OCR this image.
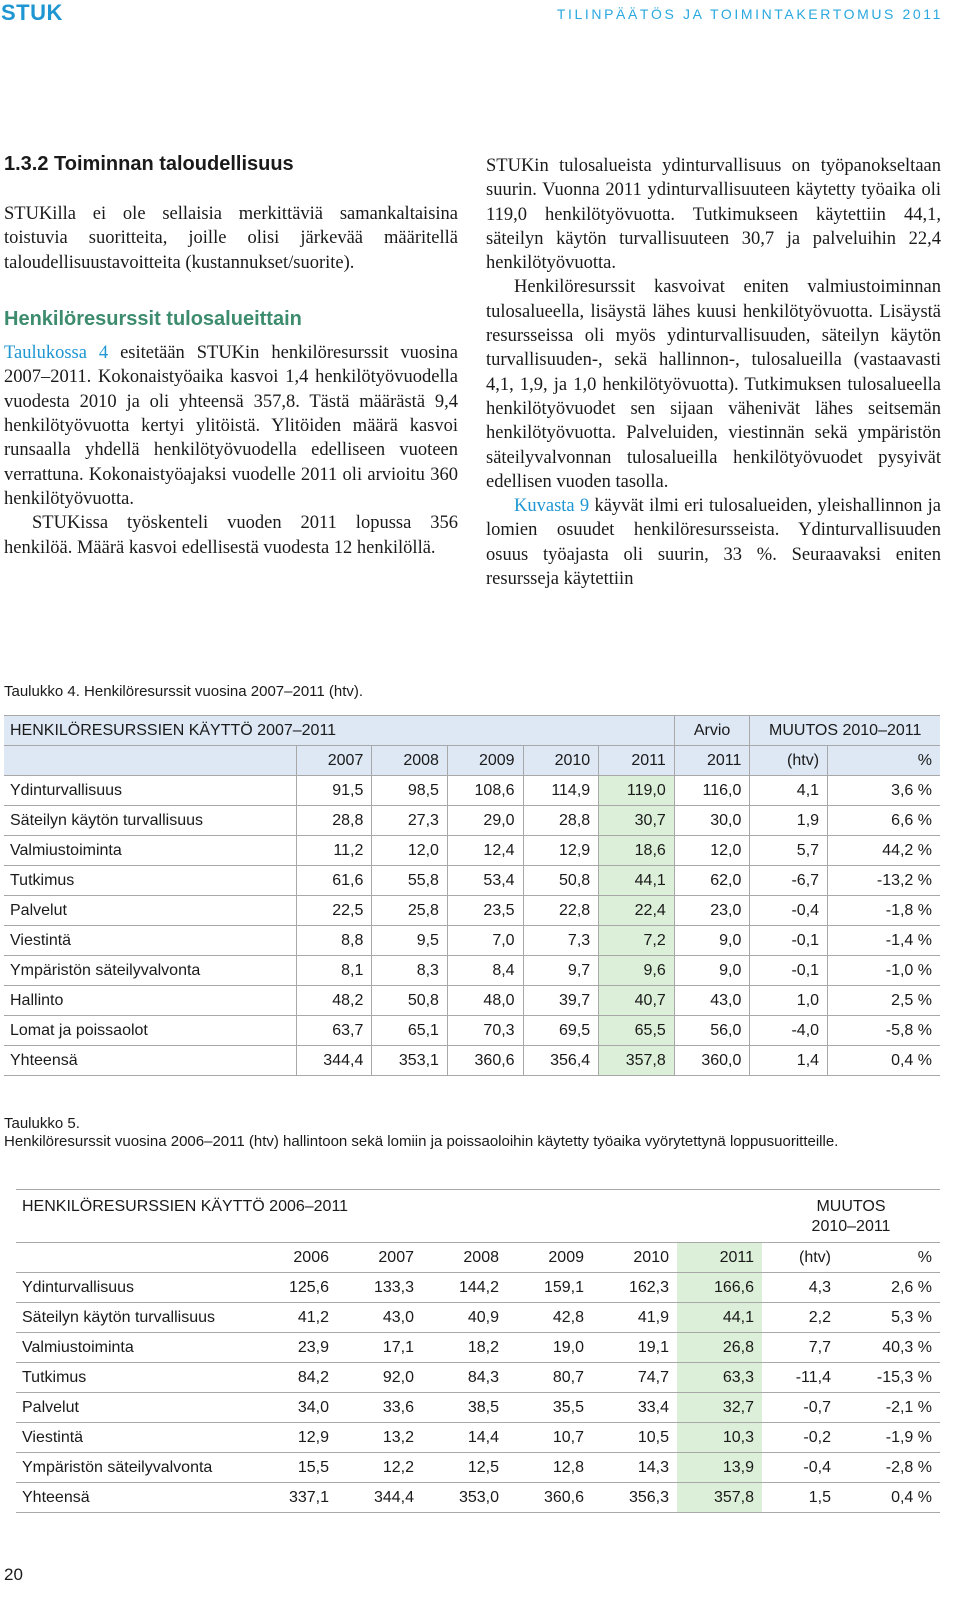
STUK	TILINPÄÄTÖS JA TOIMINTAKERTOMUS 2011
1.3.2 Toiminnan taloudellisuus

STUKilla ei ole sellaisia merkittäviä samankaltaisina toistuvia suoritteita, joille olisi järkevää määritellä taloudellisuustavoitteita (kustannukset/suorite).

Henkilöresurssit tulosalueittain

Taulukossa 4 esitetään STUKin henkilöresurssit vuosina 2007–2011. Kokonaistyöaika kasvoi 1,4 henkilötyövuodella vuodesta 2010 ja oli yhteensä 357,8. Tästä määrästä 9,4 henkilötyövuotta kertyi ylitöistä. Ylitöiden määrä kasvoi runsaalla yhdellä henkilötyövuodella edelliseen vuoteen verrattuna. Kokonaistyöajaksi vuodelle 2011 oli arvioitu 360 henkilötyövuotta.

STUKissa työskenteli vuoden 2011 lopussa 356 henkilöä. Määrä kasvoi edellisestä vuodesta 12 henkilöllä.

STUKin tulosalueista ydinturvallisuus on työpanokseltaan suurin. Vuonna 2011 ydinturvallisuuteen käytetty työaika oli 119,0 henkilötyövuotta. Tutkimukseen käytettiin 44,1, säteilyn käytön turvallisuuteen 30,7 ja palveluihin 22,4 henkilötyövuotta.

Henkilöresurssit kasvoivat eniten valmiustoiminnan tulosalueella, lisäystä lähes kuusi henkilötyövuotta. Lisäystä resursseissa oli myös ydinturvallisuuden, säteilyn käytön turvallisuuden-, sekä hallinnon-, tulosalueilla (vastaavasti 4,1, 1,9, ja 1,0 henkilötyövuotta). Tutkimuksen tulosalueella henkilötyövuodet sen sijaan vähenivät lähes seitsemän henkilötyövuotta. Palveluiden, viestinnän sekä ympäristön säteilyvalvonnan tulosalueilla henkilötyövuodet pysyivät edellisen vuoden tasolla.

Kuvasta 9 käyvät ilmi eri tulosalueiden, yleishallinnon ja lomien osuudet henkilöresursseista. Ydinturvallisuuden osuus työajasta oli suurin, 33 %. Seuraavaksi eniten resursseja käytettiin

Taulukko 4. Henkilöresurssit vuosina 2007–2011 (htv).
HENKILÖRESURSSIEN KÄYTTÖ 2007–2011						Arvio	MUUTOS 2010–2011	
	2007	2008	2009	2010	2011	2011	(htv)	%
Ydinturvallisuus	91,5	98,5	108,6	114,9	119,0	116,0	4,1	3,6 %
Säteilyn käytön turvallisuus	28,8	27,3	29,0	28,8	30,7	30,0	1,9	6,6 %
Valmiustoiminta	11,2	12,0	12,4	12,9	18,6	12,0	5,7	44,2 %
Tutkimus	61,6	55,8	53,4	50,8	44,1	62,0	-6,7	-13,2 %
Palvelut	22,5	25,8	23,5	22,8	22,4	23,0	-0,4	-1,8 %
Viestintä	8,8	9,5	7,0	7,3	7,2	9,0	-0,1	-1,4 %
Ympäristön säteilyvalvonta	8,1	8,3	8,4	9,7	9,6	9,0	-0,1	-1,0 %
Hallinto	48,2	50,8	48,0	39,7	40,7	43,0	1,0	2,5 %
Lomat ja poissaolot	63,7	65,1	70,3	69,5	65,5	56,0	-4,0	-5,8 %
Yhteensä	344,4	353,1	360,6	356,4	357,8	360,0	1,4	0,4 %
Taulukko 5.
Henkilöresurssit vuosina 2006–2011 (htv) hallintoon sekä lomiin ja poissaoloihin käytetty työaika vyörytettynä loppusuoritteille.
HENKILÖRESURSSIEN KÄYTTÖ 2006–2011							MUUTOS
2010–2011	
	2006	2007	2008	2009	2010	2011	(htv)	%
Ydinturvallisuus	125,6	133,3	144,2	159,1	162,3	166,6	4,3	2,6 %
Säteilyn käytön turvallisuus	41,2	43,0	40,9	42,8	41,9	44,1	2,2	5,3 %
Valmiustoiminta	23,9	17,1	18,2	19,0	19,1	26,8	7,7	40,3 %
Tutkimus	84,2	92,0	84,3	80,7	74,7	63,3	-11,4	-15,3 %
Palvelut	34,0	33,6	38,5	35,5	33,4	32,7	-0,7	-2,1 %
Viestintä	12,9	13,2	14,4	10,7	10,5	10,3	-0,2	-1,9 %
Ympäristön säteilyvalvonta	15,5	12,2	12,5	12,8	14,3	13,9	-0,4	-2,8 %
Yhteensä	337,1	344,4	353,0	360,6	356,3	357,8	1,5	0,4 %
20
